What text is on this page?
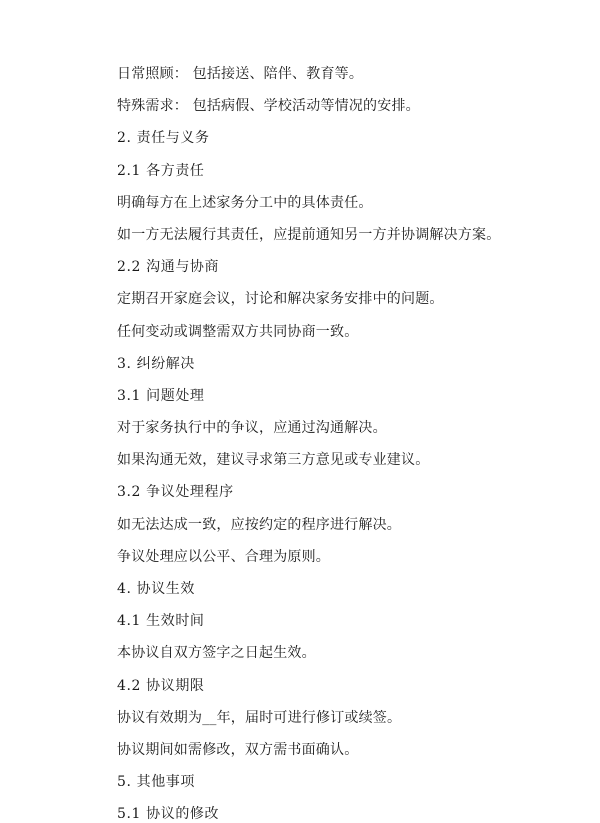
日常照顾： 包括接送、陪伴、教育等。
特殊需求： 包括病假、学校活动等情况的安排。
2. 责任与义务
2.1 各方责任
明确每方在上述家务分工中的具体责任。
如一方无法履行其责任，应提前通知另一方并协调解决方案。
2.2 沟通与协商
定期召开家庭会议，讨论和解决家务安排中的问题。
任何变动或调整需双方共同协商一致。
3. 纠纷解决
3.1 问题处理
对于家务执行中的争议，应通过沟通解决。
如果沟通无效，建议寻求第三方意见或专业建议。
3.2 争议处理程序
如无法达成一致，应按约定的程序进行解决。
争议处理应以公平、合理为原则。
4. 协议生效
4.1 生效时间
本协议自双方签字之日起生效。
4.2 协议期限
协议有效期为__年，届时可进行修订或续签。
协议期间如需修改，双方需书面确认。
5. 其他事项
5.1 协议的修改
